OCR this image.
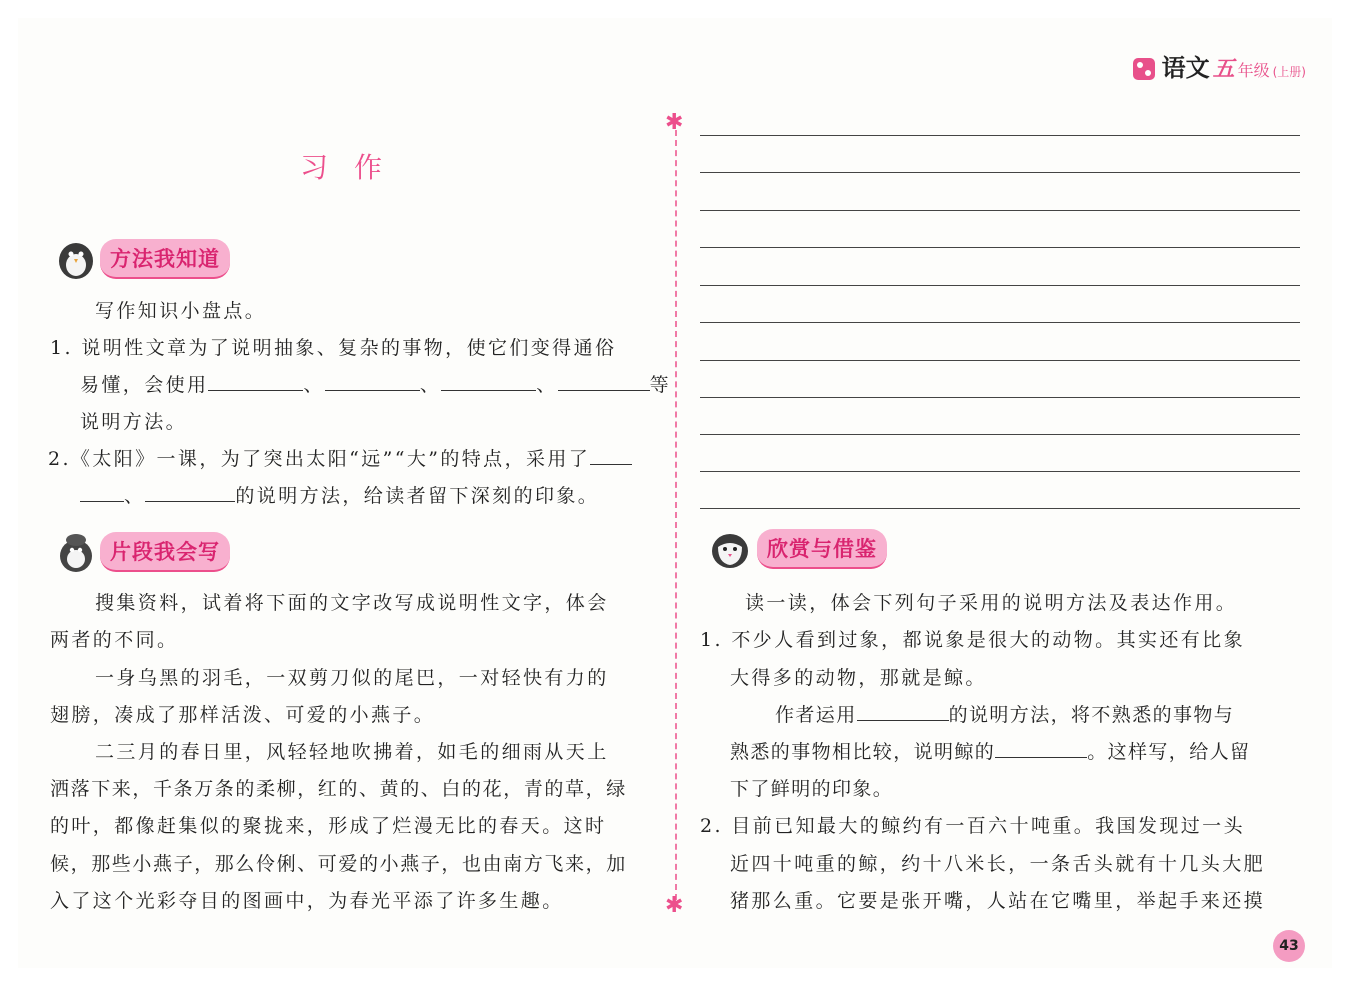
语文 五 年级 (上册)
✱
✱
习作
方法我知道
写作知识小盘点。
1. 说明性文章为了说明抽象、复杂的事物，使它们变得通俗
易懂，会使用	、	、	、	等
说明方法。
2.《太阳》一课，为了突出太阳“远”“大”的特点，采用了
、	的说明方法，给读者留下深刻的印象。
片段我会写
搜集资料，试着将下面的文字改写成说明性文字，体会
两者的不同。
一身乌黑的羽毛，一双剪刀似的尾巴，一对轻快有力的
翅膀，凑成了那样活泼、可爱的小燕子。
二三月的春日里，风轻轻地吹拂着，如毛的细雨从天上
洒落下来，千条万条的柔柳，红的、黄的、白的花，青的草，绿
的叶，都像赶集似的聚拢来，形成了烂漫无比的春天。这时
候，那些小燕子，那么伶俐、可爱的小燕子，也由南方飞来，加
入了这个光彩夺目的图画中，为春光平添了许多生趣。
欣赏与借鉴
读一读，体会下列句子采用的说明方法及表达作用。
1. 不少人看到过象，都说象是很大的动物。其实还有比象
大得多的动物，那就是鲸。
作者运用	的说明方法，将不熟悉的事物与
熟悉的事物相比较，说明鲸的	。这样写，给人留
下了鲜明的印象。
2. 目前已知最大的鲸约有一百六十吨重。我国发现过一头
近四十吨重的鲸，约十八米长，一条舌头就有十几头大肥
猪那么重。它要是张开嘴，人站在它嘴里，举起手来还摸
43
